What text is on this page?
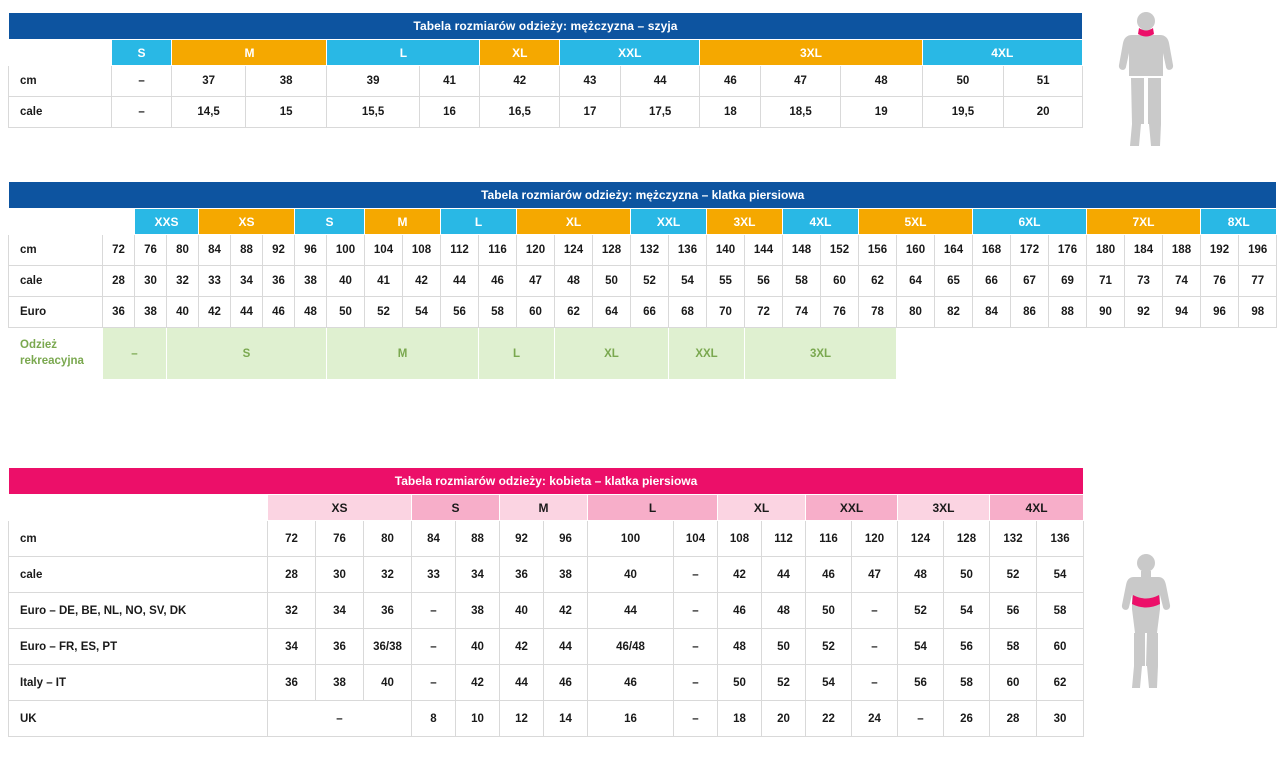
Tabela rozmiarów odzieży: mężczyzna – szyja													
	S	M		L		XL	XXL		3XL			4XL	
cm	–	37	38	39	41	42	43	44	46	47	48	50	51
cale	–	14,5	15	15,5	16	16,5	17	17,5	18	18,5	19	19,5	20
Tabela rozmiarów odzieży: mężczyzna – klatka piersiowa																																
		XXS		XS			S		M		L		XL			XXL		3XL		4XL		5XL			6XL			7XL			8XL	
cm	72	76	80	84	88	92	96	100	104	108	112	116	120	124	128	132	136	140	144	148	152	156	160	164	168	172	176	180	184	188	192	196
cale	28	30	32	33	34	36	38	40	41	42	44	46	47	48	50	52	54	55	56	58	60	62	64	65	66	67	69	71	73	74	76	77
Euro	36	38	40	42	44	46	48	50	52	54	56	58	60	62	64	66	68	70	72	74	76	78	80	82	84	86	88	90	92	94	96	98
Odzież rekreacyjna	–		S					M				L		XL			XXL		3XL													
Tabela rozmiarów odzieży: kobieta – klatka piersiowa																	
	XS			S		M		L		XL		XXL		3XL		4XL	
cm	72	76	80	84	88	92	96	100	104	108	112	116	120	124	128	132	136
cale	28	30	32	33	34	36	38	40	–	42	44	46	47	48	50	52	54
Euro – DE, BE, NL, NO, SV, DK	32	34	36	–	38	40	42	44	–	46	48	50	–	52	54	56	58
Euro – FR, ES, PT	34	36	36/38	–	40	42	44	46/48	–	48	50	52	–	54	56	58	60
Italy – IT	36	38	40	–	42	44	46	46	–	50	52	54	–	56	58	60	62
UK	–			8	10	12	14	16	–	18	20	22	24	–	26	28	30
